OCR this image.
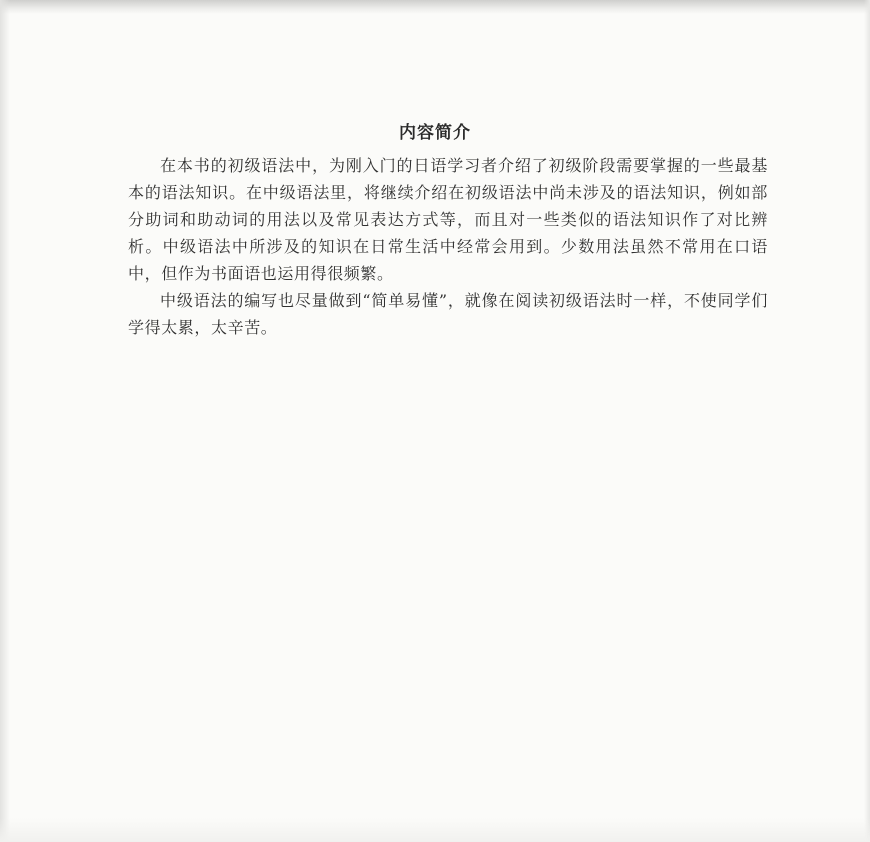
内容简介

在本书的初级语法中，为刚入门的日语学习者介绍了初级阶段需要掌握的一些最基本的语法知识。在中级语法里，将继续介绍在初级语法中尚未涉及的语法知识，例如部分助词和助动词的用法以及常见表达方式等，而且对一些类似的语法知识作了对比辨析。中级语法中所涉及的知识在日常生活中经常会用到。少数用法虽然不常用在口语中，但作为书面语也运用得很频繁。

中级语法的编写也尽量做到“简单易懂”，就像在阅读初级语法时一样，不使同学们学得太累，太辛苦。
